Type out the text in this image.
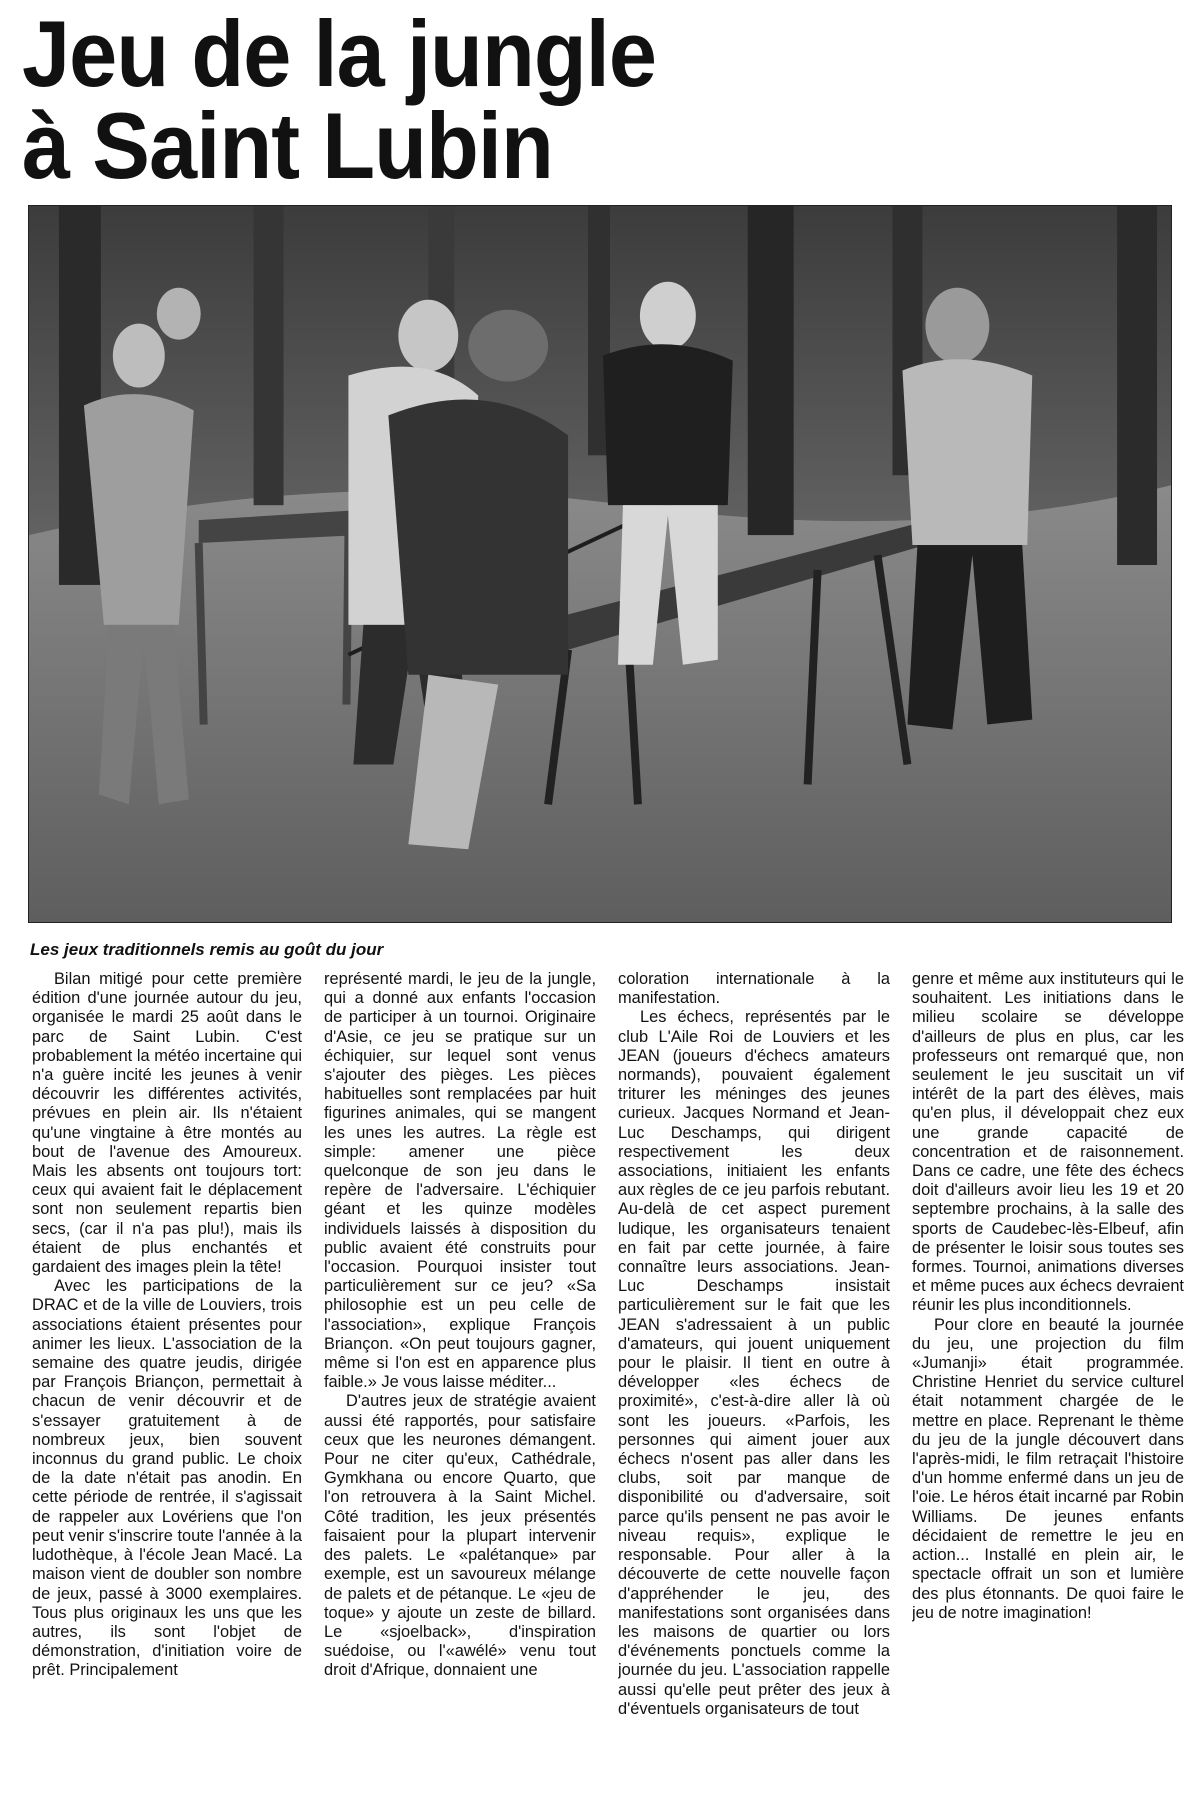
Jeu de la jungle
à Saint Lubin
Les jeux traditionnels remis au goût du jour

Bilan mitigé pour cette première édition d'une journée autour du jeu, organisée le mardi 25 août dans le parc de Saint Lubin. C'est probablement la météo incertaine qui n'a guère incité les jeunes à venir découvrir les différentes activités, prévues en plein air. Ils n'étaient qu'une vingtaine à être montés au bout de l'avenue des Amoureux. Mais les absents ont toujours tort: ceux qui avaient fait le déplacement sont non seulement repartis bien secs, (car il n'a pas plu!), mais ils étaient de plus enchantés et gardaient des images plein la tête!

Avec les participations de la DRAC et de la ville de Louviers, trois associations étaient présentes pour animer les lieux. L'association de la semaine des quatre jeudis, dirigée par François Briançon, permettait à chacun de venir découvrir et de s'essayer gratuitement à de nombreux jeux, bien souvent inconnus du grand public. Le choix de la date n'était pas anodin. En cette période de rentrée, il s'agissait de rappeler aux Lovériens que l'on peut venir s'inscrire toute l'année à la ludothèque, à l'école Jean Macé. La maison vient de doubler son nombre de jeux, passé à 3000 exemplaires. Tous plus originaux les uns que les autres, ils sont l'objet de démonstration, d'initiation voire de prêt. Principalement

représenté mardi, le jeu de la jungle, qui a donné aux enfants l'occasion de participer à un tournoi. Originaire d'Asie, ce jeu se pratique sur un échiquier, sur lequel sont venus s'ajouter des pièges. Les pièces habituelles sont remplacées par huit figurines animales, qui se mangent les unes les autres. La règle est simple: amener une pièce quelconque de son jeu dans le repère de l'adversaire. L'échiquier géant et les quinze modèles individuels laissés à disposition du public avaient été construits pour l'occasion. Pourquoi insister tout particulièrement sur ce jeu? «Sa philosophie est un peu celle de l'association», explique François Briançon. «On peut toujours gagner, même si l'on est en apparence plus faible.» Je vous laisse méditer...

D'autres jeux de stratégie avaient aussi été rapportés, pour satisfaire ceux que les neurones démangent. Pour ne citer qu'eux, Cathédrale, Gymkhana ou encore Quarto, que l'on retrouvera à la Saint Michel. Côté tradition, les jeux présentés faisaient pour la plupart intervenir des palets. Le «palétanque» par exemple, est un savoureux mélange de palets et de pétanque. Le «jeu de toque» y ajoute un zeste de billard. Le «sjoelback», d'inspiration suédoise, ou l'«awélé» venu tout droit d'Afrique, donnaient une

coloration internationale à la manifestation.

Les échecs, représentés par le club L'Aile Roi de Louviers et les JEAN (joueurs d'échecs amateurs normands), pouvaient également triturer les méninges des jeunes curieux. Jacques Normand et Jean-Luc Deschamps, qui dirigent respectivement les deux associations, initiaient les enfants aux règles de ce jeu parfois rebutant. Au-delà de cet aspect purement ludique, les organisateurs tenaient en fait par cette journée, à faire connaître leurs associations. Jean-Luc Deschamps insistait particulièrement sur le fait que les JEAN s'adressaient à un public d'amateurs, qui jouent uniquement pour le plaisir. Il tient en outre à développer «les échecs de proximité», c'est-à-dire aller là où sont les joueurs. «Parfois, les personnes qui aiment jouer aux échecs n'osent pas aller dans les clubs, soit par manque de disponibilité ou d'adversaire, soit parce qu'ils pensent ne pas avoir le niveau requis», explique le responsable. Pour aller à la découverte de cette nouvelle façon d'appréhender le jeu, des manifestations sont organisées dans les maisons de quartier ou lors d'événements ponctuels comme la journée du jeu. L'association rappelle aussi qu'elle peut prêter des jeux à d'éventuels organisateurs de tout

genre et même aux instituteurs qui le souhaitent. Les initiations dans le milieu scolaire se développe d'ailleurs de plus en plus, car les professeurs ont remarqué que, non seulement le jeu suscitait un vif intérêt de la part des élèves, mais qu'en plus, il développait chez eux une grande capacité de concentration et de raisonnement. Dans ce cadre, une fête des échecs doit d'ailleurs avoir lieu les 19 et 20 septembre prochains, à la salle des sports de Caudebec-lès-Elbeuf, afin de présenter le loisir sous toutes ses formes. Tournoi, animations diverses et même puces aux échecs devraient réunir les plus inconditionnels.

Pour clore en beauté la journée du jeu, une projection du film «Jumanji» était programmée. Christine Henriet du service culturel était notamment chargée de le mettre en place. Reprenant le thème du jeu de la jungle découvert dans l'après-midi, le film retraçait l'histoire d'un homme enfermé dans un jeu de l'oie. Le héros était incarné par Robin Williams. De jeunes enfants décidaient de remettre le jeu en action... Installé en plein air, le spectacle offrait un son et lumière des plus étonnants. De quoi faire le jeu de notre imagination!
